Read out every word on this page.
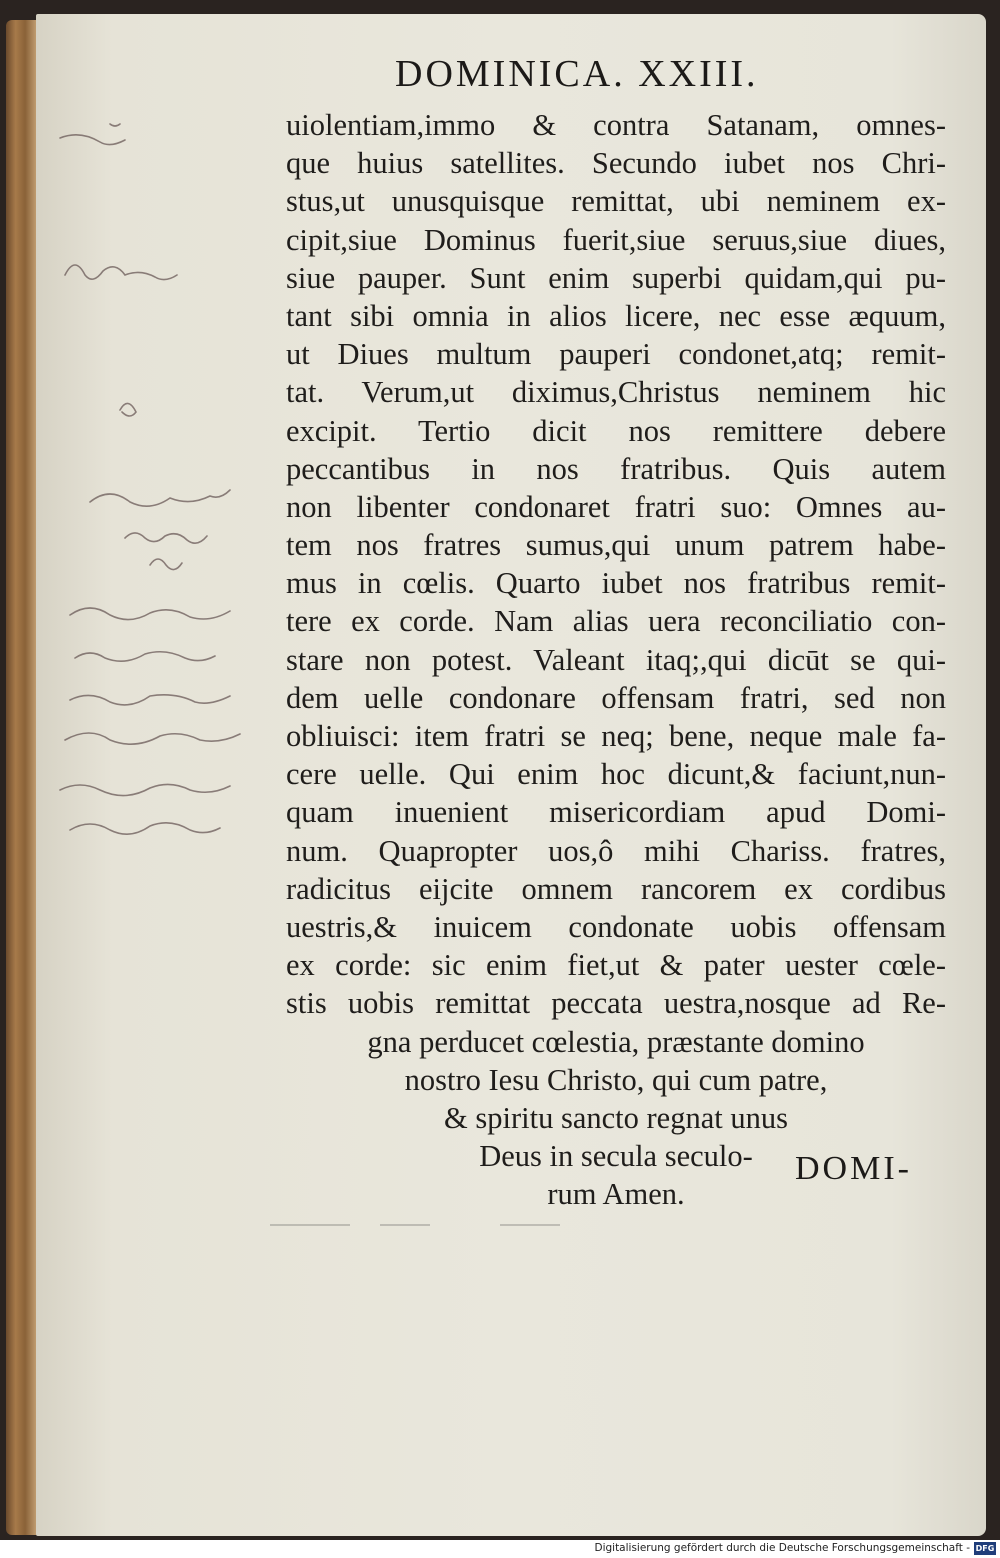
DOMINICA. XXIII.
uiolentiam,immo & contra Satanam, omnes-
que huius satellites. Secundo iubet nos Chri-
stus,ut unusquisque remittat, ubi neminem ex-
cipit,siue Dominus fuerit,siue seruus,siue diues,
siue pauper. Sunt enim superbi quidam,qui pu-
tant sibi omnia in alios licere, nec esse æquum,
ut Diues multum pauperi condonet,atq; remit-
tat. Verum,ut diximus,Christus neminem hic
excipit. Tertio dicit nos remittere debere
peccantibus in nos fratribus. Quis autem
non libenter condonaret fratri suo: Omnes au-
tem nos fratres sumus,qui unum patrem habe-
mus in cœlis. Quarto iubet nos fratribus remit-
tere ex corde. Nam alias uera reconciliatio con-
stare non potest. Valeant itaq;,qui dicūt se qui-
dem uelle condonare offensam fratri, sed non
obliuisci: item fratri se neq; bene, neque male fa-
cere uelle. Qui enim hoc dicunt,& faciunt,nun-
quam inuenient misericordiam apud Domi-
num. Quapropter uos,ô mihi Chariss. fratres,
radicitus eijcite omnem rancorem ex cordibus
uestris,& inuicem condonate uobis offensam
ex corde: sic enim fiet,ut & pater uester cœle-
stis uobis remittat peccata uestra,nosque ad Re-
gna perducet cœlestia, præstante domino
nostro Iesu Christo, qui cum patre,
& spiritu sancto regnat unus
Deus in secula seculo-
rum Amen.
DOMI-
Digitalisierung gefördert durch die Deutsche Forschungsgemeinschaft - DFG
